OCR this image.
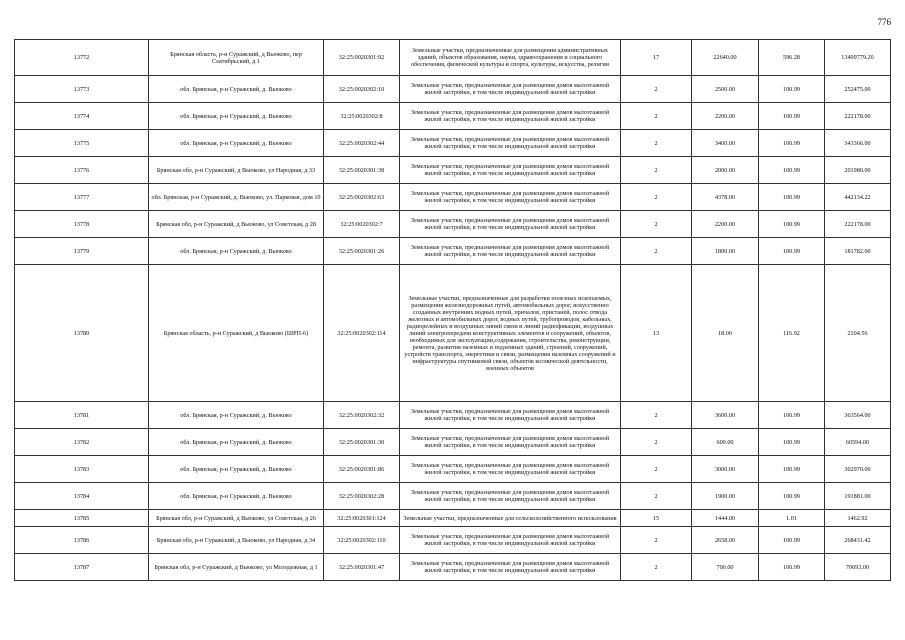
776
13772	Брянская область, р-н Суражский, д Вьюково, пер Сеатибрьский, д 1	32:25:0020301:92	Земельные участки, предназначенные для размещения административных зданий, объектов образования, науки, здравоохранения и социального обеспечения, физической культуры и спорта, культуры, искусства, религии	17	22640.00	596.28	13499779.20
13773	обл. Брянская, р-н Суражский, д. Вьюково	32:25:0020302:10	Земельные участки, предназначенные для размещения домов малоэтажной жилой застройки, в том числе индивидуальной жилой застройки	2	2500.00	100.99	252475.00
13774	обл. Брянская, р-н Суражский, д. Вьюково	32:25:0020302:8	Земельные участки, предназначенные для размещения домов малоэтажной жилой застройки, в том числе индивидуальной жилой застройки	2	2200.00	100.99	222178.00
13775	обл. Брянская, р-н Суражский, д. Вьюково	32:25:0020302:44	Земельные участки, предназначенные для размещения домов малоэтажной жилой застройки, в том числе индивидуальной жилой застройки	2	3400.00	100.99	343366.00
13776	Брянская обл, р-н Суражский, д Вьюково, ул Народная, д 33	32:25:0020301:38	Земельные участки, предназначенные для размещения домов малоэтажной жилой застройки, в том числе индивидуальной жилой застройки	2	2000.00	100.99	201980.00
13777	обл. Брянская, р-н Суражский, д. Вьюково, ул. Парковая, дом 10	32:25:0020302:63	Земельные участки, предназначенные для размещения домов малоэтажной жилой застройки, в том числе индивидуальной жилой застройки	2	4378.00	100.99	442134.22
13778	Брянская обл, р-н Суражский, д Вьюково, ул Советская, д 28	32:25:0020302:7	Земельные участки, предназначенные для размещения домов малоэтажной жилой застройки, в том числе индивидуальной жилой застройки	2	2200.00	100.99	222178.00
13779	обл. Брянская, р-н Суражский, д. Вьюково	32:25:0020301:26	Земельные участки, предназначенные для размещения домов малоэтажной жилой застройки, в том числе индивидуальной жилой застройки	2	1800.00	100.99	181782.00
13780	Брянская область, р-н Суражский, д Вьюково (ШРП-6)	32:25:0020302:114	Земельные участки, предназначенные для разработки полезных ископаемых, размещения железнодорожных путей, автомобильных дорог, искусственно созданных внутренних водных путей, причалов, пристаней, полос отвода железных и автомобильных дорог, водных путей, трубопроводов, кабельных, радиорелейных и воздушных линий связи и линий радиофикации, воздушных линий электропередачи конструктивных элементов и сооружений, объектов, необходимых для эксплуатации,содержания, строительства, реконструкции, ремонта, развития наземных и подземных зданий, строений, сооружений, устройств транспорта, энергетики и связи, размещения наземных сооружений и инфраструктуры спутниковой связи, объектов космической деятельности, военных объектов	13	18.00	116.92	2104.56
13781	обл. Брянская, р-н Суражский, д. Вьюково	32:25:0020302:32	Земельные участки, предназначенные для размещения домов малоэтажной жилой застройки, в том числе индивидуальной жилой застройки	2	3600.00	100.99	363564.00
13782	обл. Брянская, р-н Суражский, д. Вьюково	32:25:0020301:30	Земельные участки, предназначенные для размещения домов малоэтажной жилой застройки, в том числе индивидуальной жилой застройки	2	600.00	100.99	60594.00
13783	обл. Брянская, р-н Суражский, д. Вьюково	32:25:0020301:86	Земельные участки, предназначенные для размещения домов малоэтажной жилой застройки, в том числе индивидуальной жилой застройки	2	3000.00	100.99	302970.00
13784	обл. Брянская, р-н Суражский, д. Вьюково	32:25:0020302:28	Земельные участки, предназначенные для размещения домов малоэтажной жилой застройки, в том числе индивидуальной жилой застройки	2	1900.00	100.99	191881.00
13785	Брянская обл, р-н Суражский, д Вьюково, ул Советская, д 26	32:25:0020301:124	Земельные участки, предназначенные для сельскохозяйственного использования	15	1444.00	1.01	1462.92
13786	Брянская обл, р-н Суражский, д Вьюково, ул Народная, д 34	32:25:0020302:110	Земельные участки, предназначенные для размещения домов малоэтажной жилой застройки, в том числе индивидуальной жилой застройки	2	2658.00	100.99	268431.42
13787	Брянская обл, р-н Суражский, д Вьюково, ул Молодежная, д 1	32:25:0020301:47	Земельные участки, предназначенные для размещения домов малоэтажной жилой застройки, в том числе индивидуальной жилой застройки	2	700.00	100.99	70693.00
